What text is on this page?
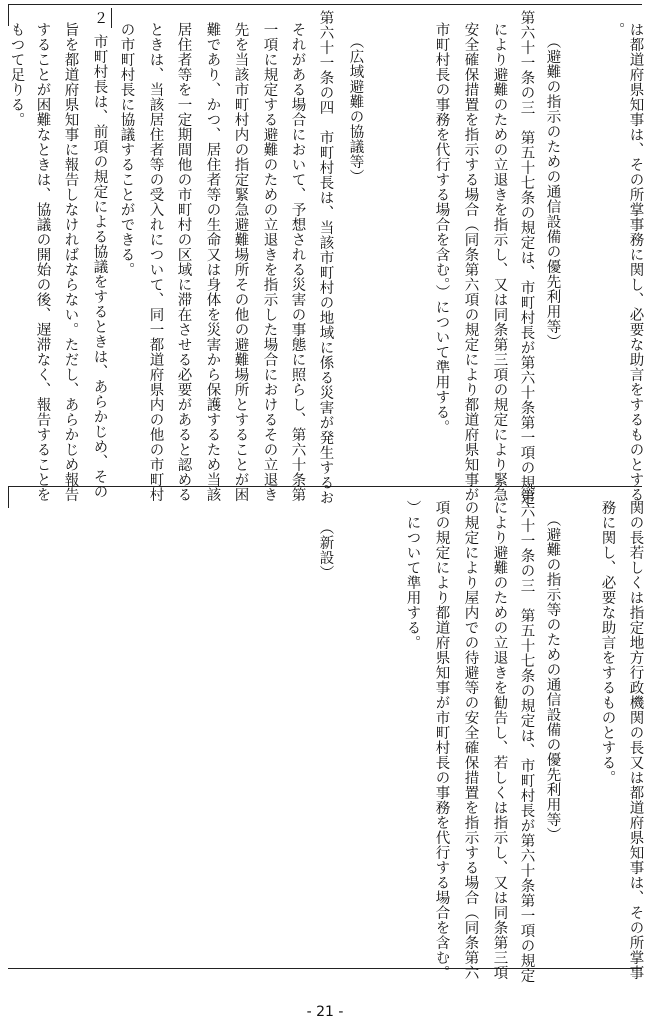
は都道府県知事は、その所掌事務に関し、必要な助言をするものとする
。
（避難の指示のための通信設備の優先利用等）
第六十一条の三　第五十七条の規定は、市町村長が第六十条第一項の規定
により避難のための立退きを指示し、又は同条第三項の規定により緊急
安全確保措置を指示する場合（同条第六項の規定により都道府県知事が
市町村長の事務を代行する場合を含む。）について準用する。
（広域避難の協議等）
第六十一条の四　市町村長は、当該市町村の地域に係る災害が発生するお
それがある場合において、予想される災害の事態に照らし、第六十条第
一項に規定する避難のための立退きを指示した場合におけるその立退き
先を当該市町村内の指定緊急避難場所その他の避難場所とすることが困
難であり、かつ、居住者等の生命又は身体を災害から保護するため当該
居住者等を一定期間他の市町村の区域に滞在させる必要があると認める
ときは、当該居住者等の受入れについて、同一都道府県内の他の市町村
の市町村長に協議することができる。
２
市町村長は、前項の規定による協議をするときは、あらかじめ、その
旨を都道府県知事に報告しなければならない。ただし、あらかじめ報告
することが困難なときは、協議の開始の後、遅滞なく、報告することを
もつて足りる。
関の長若しくは指定地方行政機関の長又は都道府県知事は、その所掌事
務に関し、必要な助言をするものとする。
（避難の指示等のための通信設備の優先利用等）
第六十一条の三　第五十七条の規定は、市町村長が第六十条第一項の規定
により避難のための立退きを勧告し、若しくは指示し、又は同条第三項
の規定により屋内での待避等の安全確保措置を指示する場合（同条第六
項の規定により都道府県知事が市町村長の事務を代行する場合を含む。
）について準用する。
（新設）
- 21 -
